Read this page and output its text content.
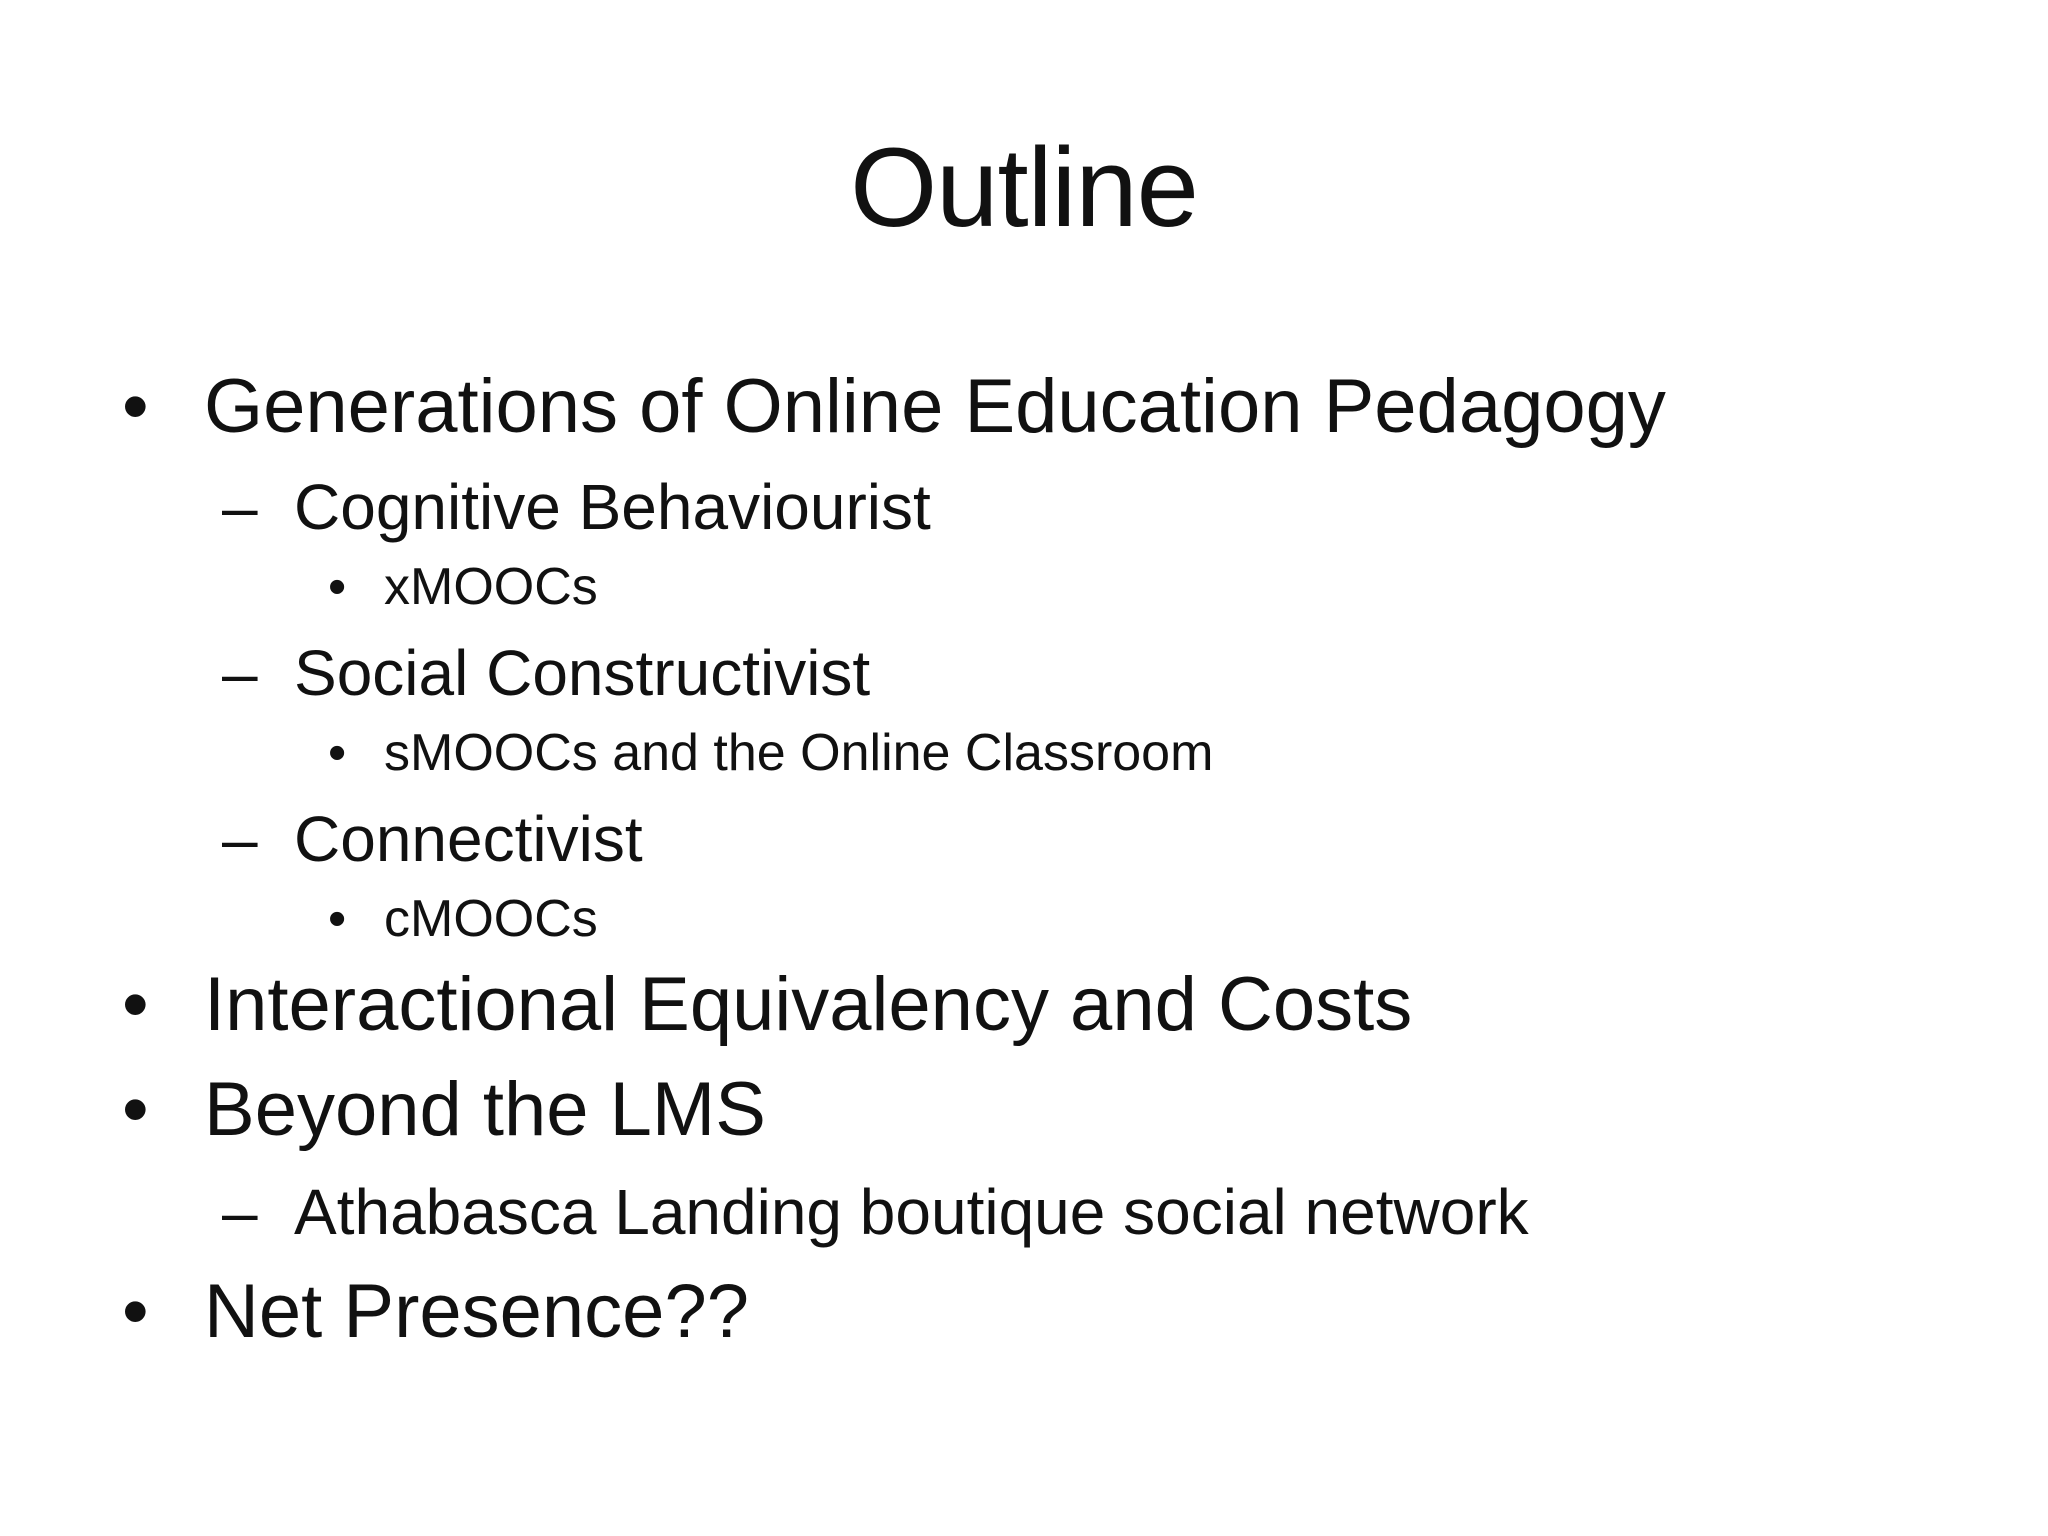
Outline
• Generations of Online Education Pedagogy
– Cognitive Behaviourist
• xMOOCs
– Social Constructivist
• sMOOCs and the Online Classroom
– Connectivist
• cMOOCs
• Interactional Equivalency and Costs
• Beyond the LMS
– Athabasca Landing boutique social network
• Net Presence??
